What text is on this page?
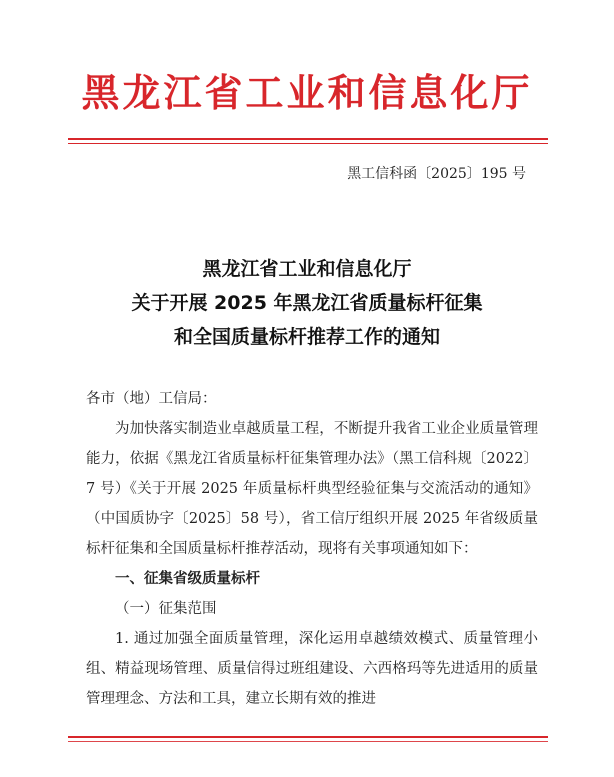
黑龙江省工业和信息化厅
黑工信科函〔2025〕195 号
黑龙江省工业和信息化厅
关于开展 2025 年黑龙江省质量标杆征集
和全国质量标杆推荐工作的通知

各市（地）工信局：

为加快落实制造业卓越质量工程，不断提升我省工业企业质量管理能力，依据《黑龙江省质量标杆征集管理办法》（黑工信科规〔2022〕7 号）《关于开展 2025 年质量标杆典型经验征集与交流活动的通知》（中国质协字〔2025〕58 号），省工信厅组织开展 2025 年省级质量标杆征集和全国质量标杆推荐活动，现将有关事项通知如下：

一、征集省级质量标杆

（一）征集范围

1. 通过加强全面质量管理，深化运用卓越绩效模式、质量管理小组、精益现场管理、质量信得过班组建设、六西格玛等先进适用的质量管理理念、方法和工具，建立长期有效的推进
